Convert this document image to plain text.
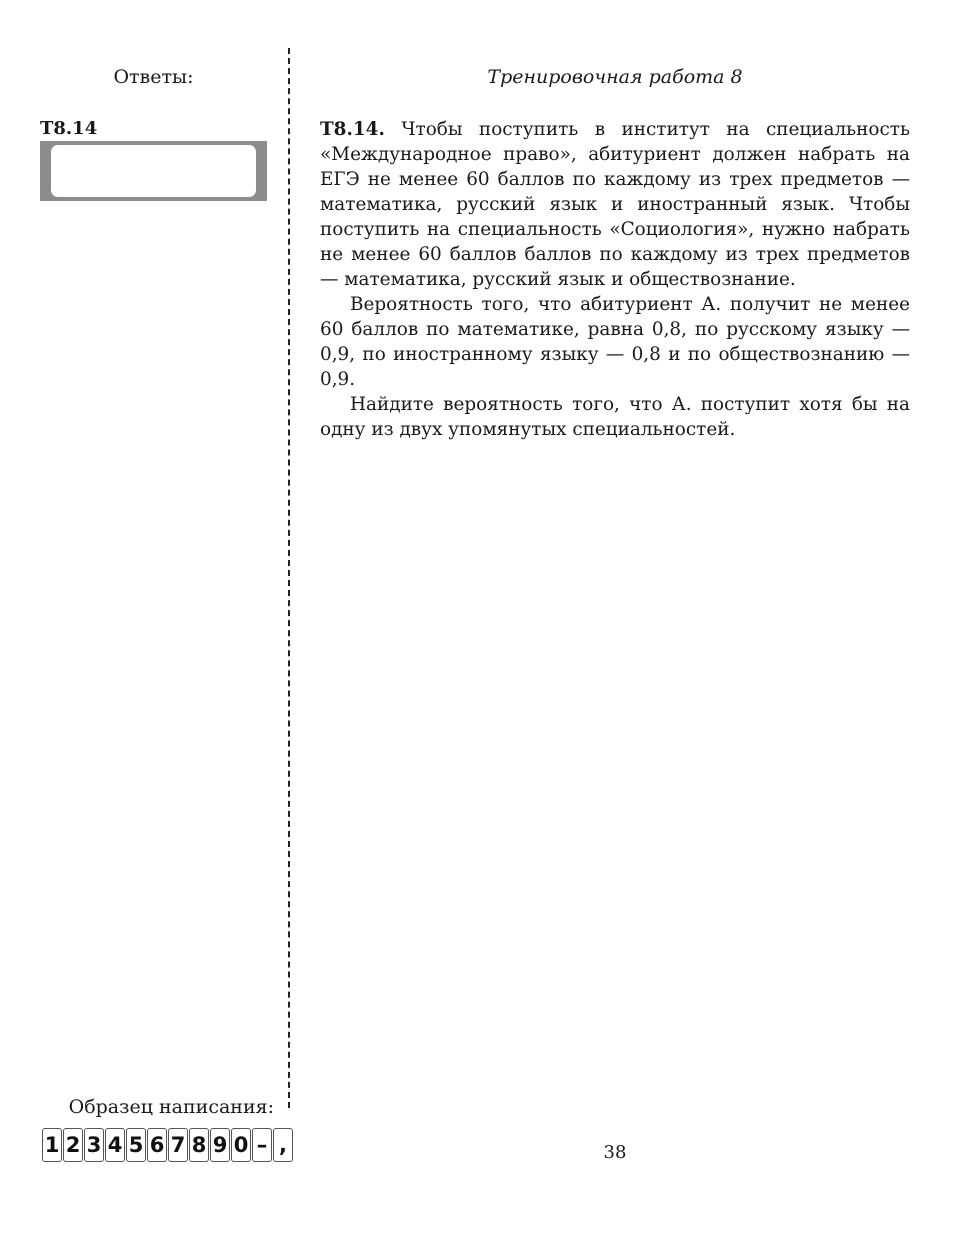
Ответы:	Тренировочная работа 8
T8.14	T8.14. Чтобы поступить в институт на специальность «Международное право», абитуриент должен набрать на ЕГЭ не менее 60 баллов по каждому из трех предметов — математика, русский язык и иностранный язык. Чтобы поступить на специальность «Социология», нужно набрать не менее 60 баллов баллов по каждому из трех предметов — математика, русский язык и обществознание.

Вероятность того, что абитуриент А. получит не менее 60 баллов по математике, равна 0,8, по русскому языку — 0,9, по иностранному языку — 0,8 и по обществознанию — 0,9.

Найдите вероятность того, что А. поступит хотя бы на одну из двух упомянутых специальностей.

Образец написания:
1 2 3 4 5 6 7 8 9 0 – ,	38
